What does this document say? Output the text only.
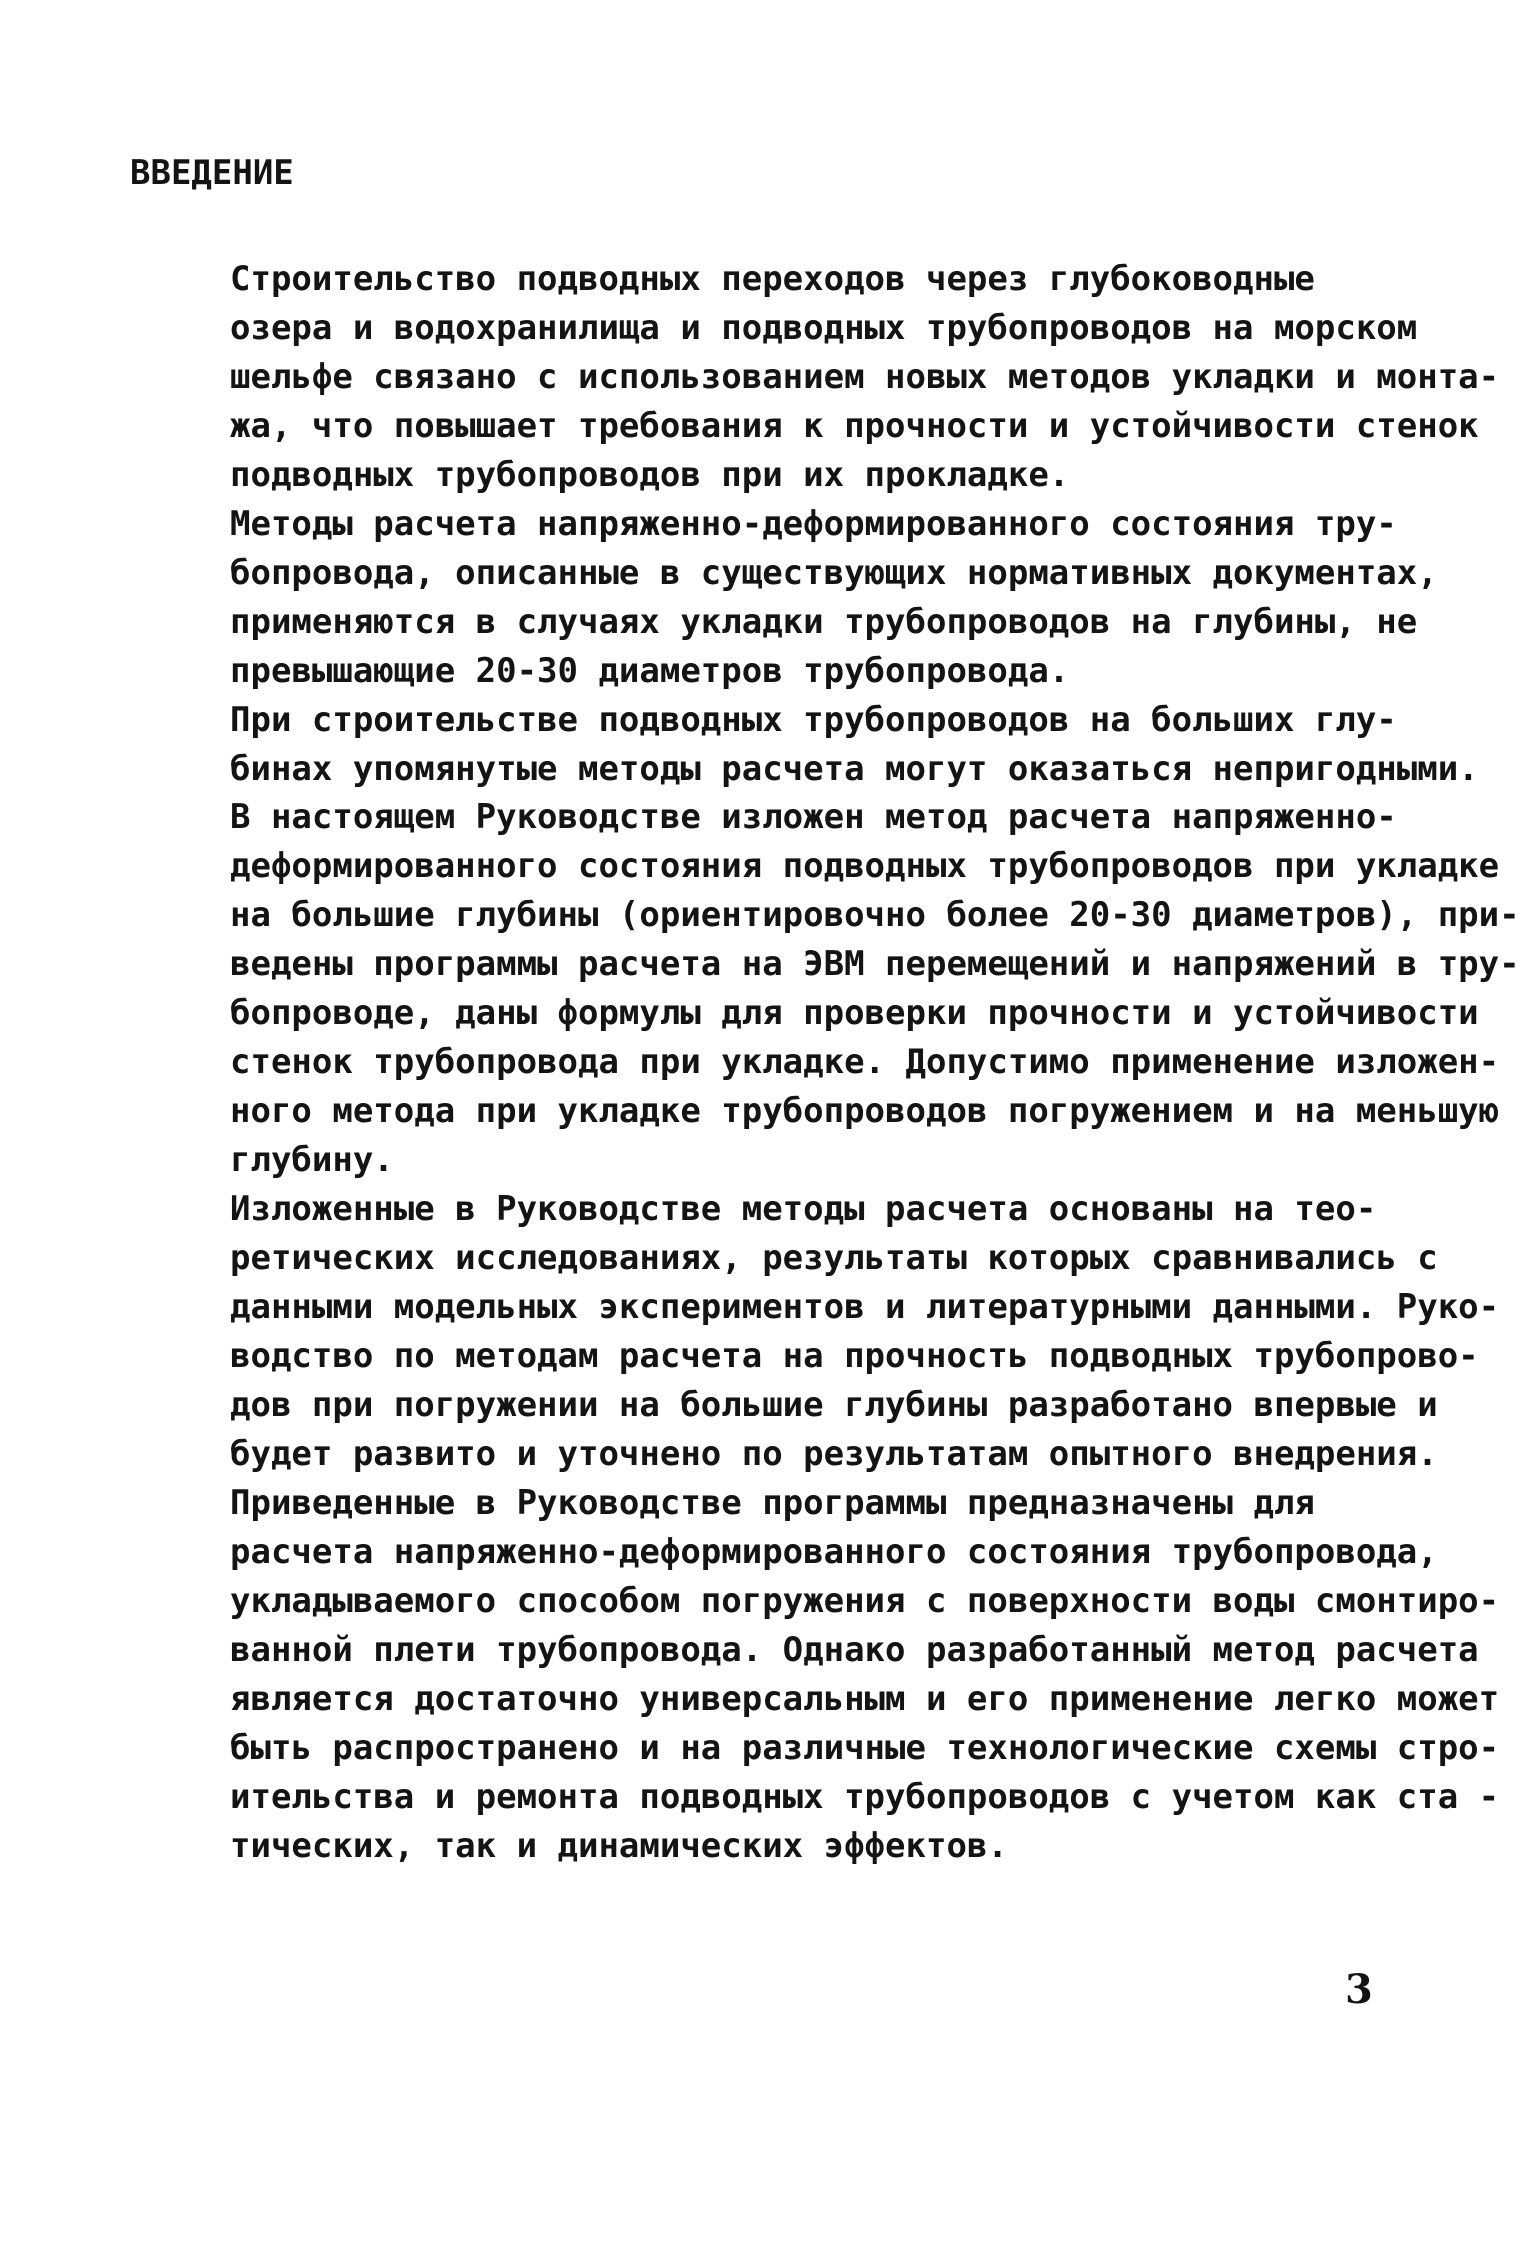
ВВЕДЕНИЕ

Строительство подводных переходов через глубоководные
озера и водохранилища и подводных трубопроводов на морском
шельфе связано с использованием новых методов укладки и монта-
жа, что повышает требования к прочности и устойчивости стенок
подводных трубопроводов при их прокладке.

Методы расчета напряженно-деформированного состояния тру-
бопровода, описанные в существующих нормативных документах,
применяются в случаях укладки трубопроводов на глубины, не
превышающие 20-30 диаметров трубопровода.

При строительстве подводных трубопроводов на больших глу-
бинах упомянутые методы расчета могут оказаться непригодными.

В настоящем Руководстве изложен метод расчета напряженно-
деформированного состояния подводных трубопроводов при укладке
на большие глубины (ориентировочно более 20-30 диаметров), при-
ведены программы расчета на ЭВМ перемещений и напряжений в тру-
бопроводе, даны формулы для проверки прочности и устойчивости
стенок трубопровода при укладке. Допустимо применение изложен-
ного метода при укладке трубопроводов погружением и на меньшую
глубину.

Изложенные в Руководстве методы расчета основаны на тео-
ретических исследованиях, результаты которых сравнивались с
данными модельных экспериментов и литературными данными. Руко-
водство по методам расчета на прочность подводных трубопрово-
дов при погружении на большие глубины разработано впервые и
будет развито и уточнено по результатам опытного внедрения.

Приведенные в Руководстве программы предназначены для
расчета напряженно-деформированного состояния трубопровода,
укладываемого способом погружения с поверхности воды смонтиро-
ванной плети трубопровода. Однако разработанный метод расчета
является достаточно универсальным и его применение легко может
быть распространено и на различные технологические схемы стро-
ительства и ремонта подводных трубопроводов с учетом как ста -
тических, так и динамических эффектов.

3
